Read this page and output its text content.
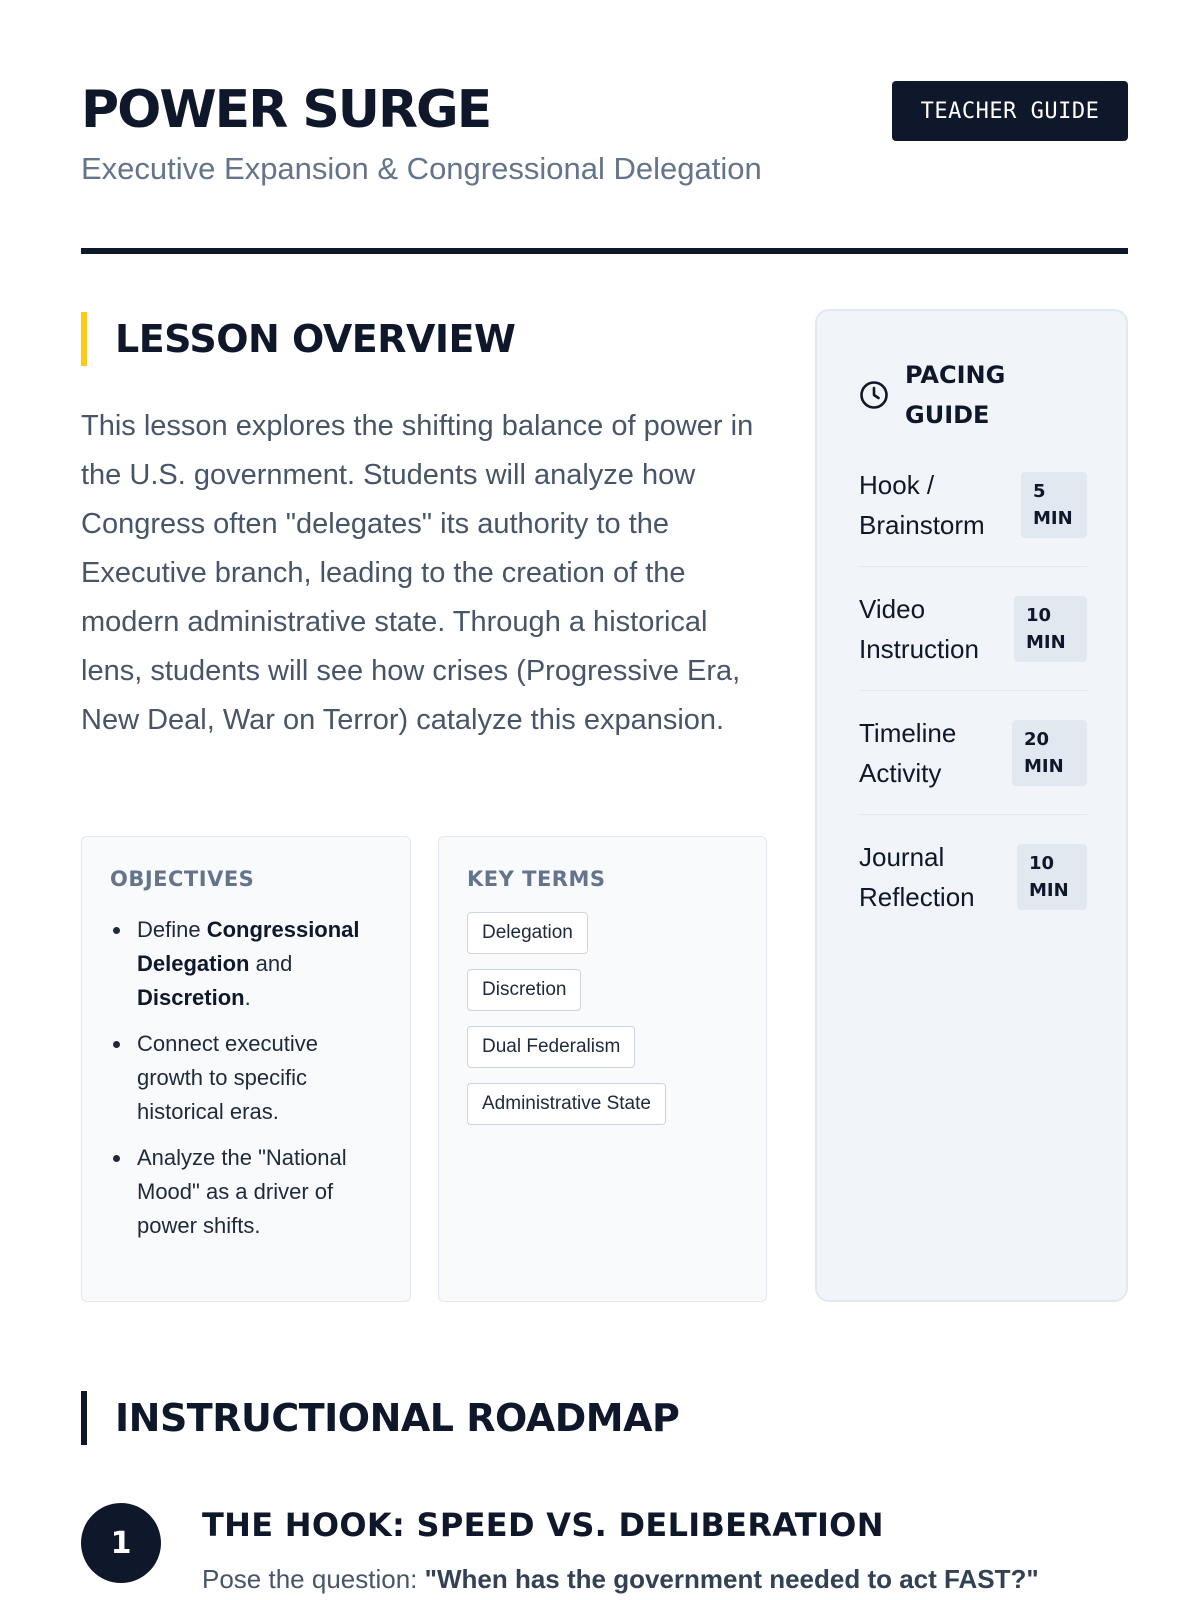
POWER SURGE
Executive Expansion & Congressional Delegation
TEACHER GUIDE
LESSON OVERVIEW

This lesson explores the shifting balance of power in the U.S. government. Students will analyze how Congress often "delegates" its authority to the Executive branch, leading to the creation of the modern administrative state. Through a historical lens, students will see how crises (Progressive Era, New Deal, War on Terror) catalyze this expansion.

OBJECTIVES
Define Congressional Delegation and Discretion.
Connect executive growth to specific historical eras.
Analyze the "National Mood" as a driver of power shifts.
KEY TERMS
Delegation
Discretion
Dual Federalism
Administrative State
PACING GUIDE
Hook / Brainstorm
5
MIN
Video Instruction
10
MIN
Timeline Activity
20
MIN
Journal Reflection
10
MIN
INSTRUCTIONAL ROADMAP
1	THE HOOK: SPEED VS. DELIBERATION
Pose the question: "When has the government needed to act FAST?"
